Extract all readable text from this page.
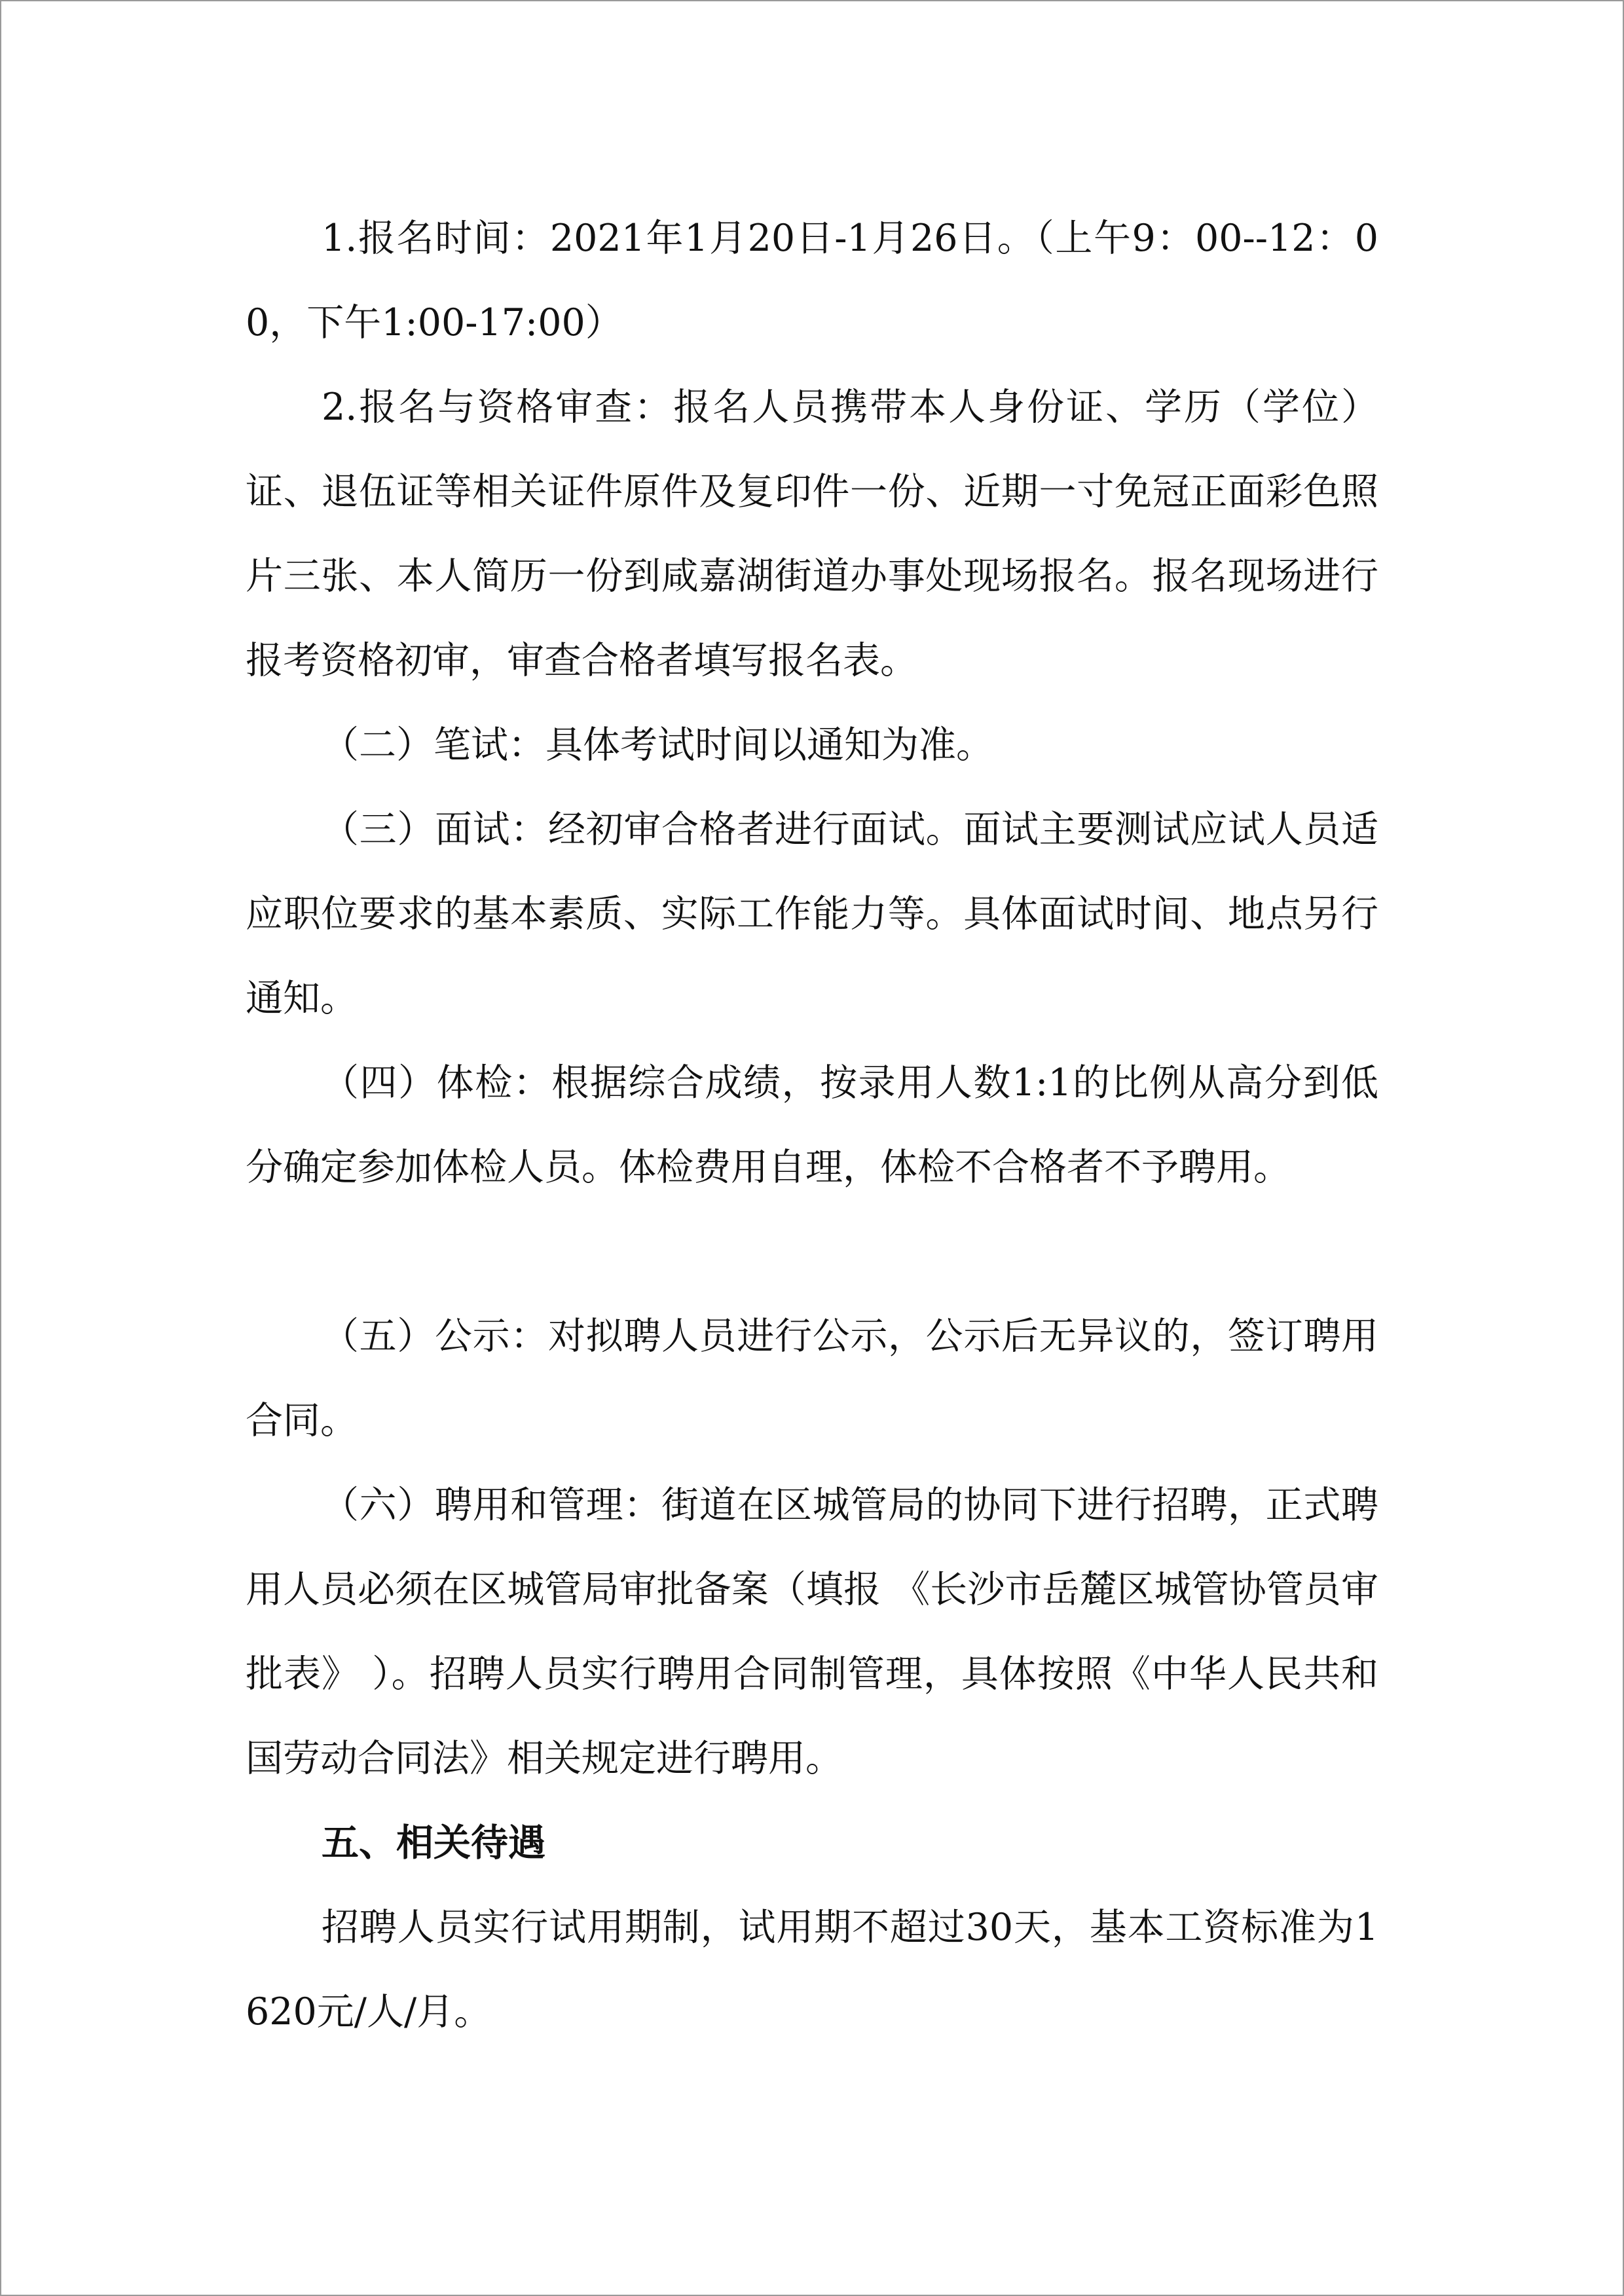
1.报名时间：2021年1月20日-1月26日。（上午9：00--12：00，下午1:00-17:00）

2.报名与资格审查：报名人员携带本人身份证、学历（学位）证、退伍证等相关证件原件及复印件一份、近期一寸免冠正面彩色照片三张、本人简历一份到咸嘉湖街道办事处现场报名。报名现场进行报考资格初审，审查合格者填写报名表。

（二）笔试：具体考试时间以通知为准。

（三）面试：经初审合格者进行面试。面试主要测试应试人员适应职位要求的基本素质、实际工作能力等。具体面试时间、地点另行通知。

（四）体检：根据综合成绩，按录用人数1:1的比例从高分到低分确定参加体检人员。体检费用自理，体检不合格者不予聘用。

（五）公示：对拟聘人员进行公示，公示后无异议的，签订聘用合同。

（六）聘用和管理：街道在区城管局的协同下进行招聘，正式聘用人员必须在区城管局审批备案（填报 《长沙市岳麓区城管协管员审批表》 ）。招聘人员实行聘用合同制管理，具体按照《中华人民共和国劳动合同法》相关规定进行聘用。

五、相关待遇

招聘人员实行试用期制，试用期不超过30天，基本工资标准为1620元/人/月。
